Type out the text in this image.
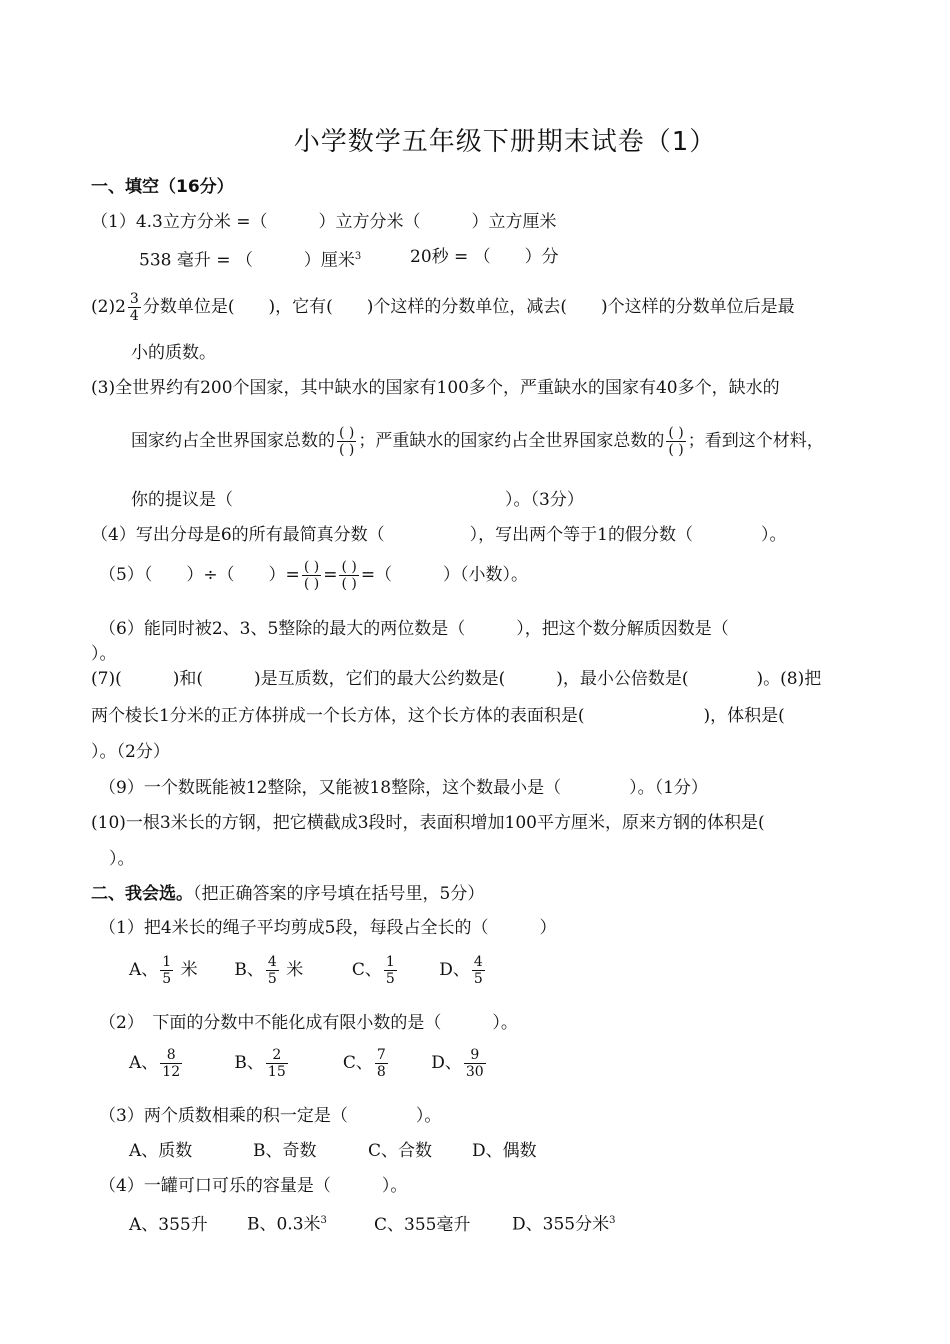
小学数学五年级下册期末试卷（1）
一、填空（16分）
（1）4.3立方分米 =（　　　）立方分米（　　　）立方厘米
538 毫升 = （　　　）厘米$^3$	20秒 = （　　）分
$(2)2 \frac{3}{4}$ 分数单位是(　　)，它有(　　)个这样的分数单位，减去(　　)个这样的分数单位后是最
小的质数。
(3)全世界约有200个国家，其中缺水的国家有100多个，严重缺水的国家有40多个，缺水的
国家约占全世界国家总数的 $\frac{( )}{( )}$ ；严重缺水的国家约占全世界国家总数的 $\frac{( )}{( )}$ ；看到这个材料，
你的提议是（　　　　　　　　　　　　　　　　）。（3分）
（4）写出分母是6的所有最简真分数（　　　　　），写出两个等于1的假分数（　　　　）。
（5）（　　）÷（　　）= $\frac{( )}{( )} = \frac{( )}{( )}$ =（　　　）（小数）。
（6）能同时被2、3、5整除的最大的两位数是（　　　），把这个数分解质因数是（
）。
(7)(　　　)和(　　　)是互质数，它们的最大公约数是(　　　)，最小公倍数是(　　　　)。(8)把
两个棱长1分米的正方体拼成一个长方体，这个长方体的表面积是(　　　　　　　)，体积是(
）。（2分）
（9）一个数既能被12整除，又能被18整除，这个数最小是（　　　　）。（1分）
(10)一根3米长的方钢，把它横截成3段时，表面积增加100平方厘米，原来方钢的体积是(
）。
二、我会选。（把正确答案的序号填在括号里，5分）
（1）把4米长的绳子平均剪成5段，每段占全长的（　　　）
A、 $\frac{1}{5}$ 米 B、 $\frac{4}{5}$ 米	C、 $\frac{1}{5}$ D、 $\frac{4}{5}$
（2）　下面的分数中不能化成有限小数的是（　　　）。
A、 $\frac{8}{12}$	B、 $\frac{2}{15}$	C、 $\frac{7}{8}$	D、 $\frac{9}{30}$
（3）两个质数相乘的积一定是（　　　　）。
A、质数	B、奇数	C、合数 D、偶数
（4）一罐可口可乐的容量是（　　　）。
A、355升 B、0.3米$^3$	C、355毫升 D、355分米$^3$
